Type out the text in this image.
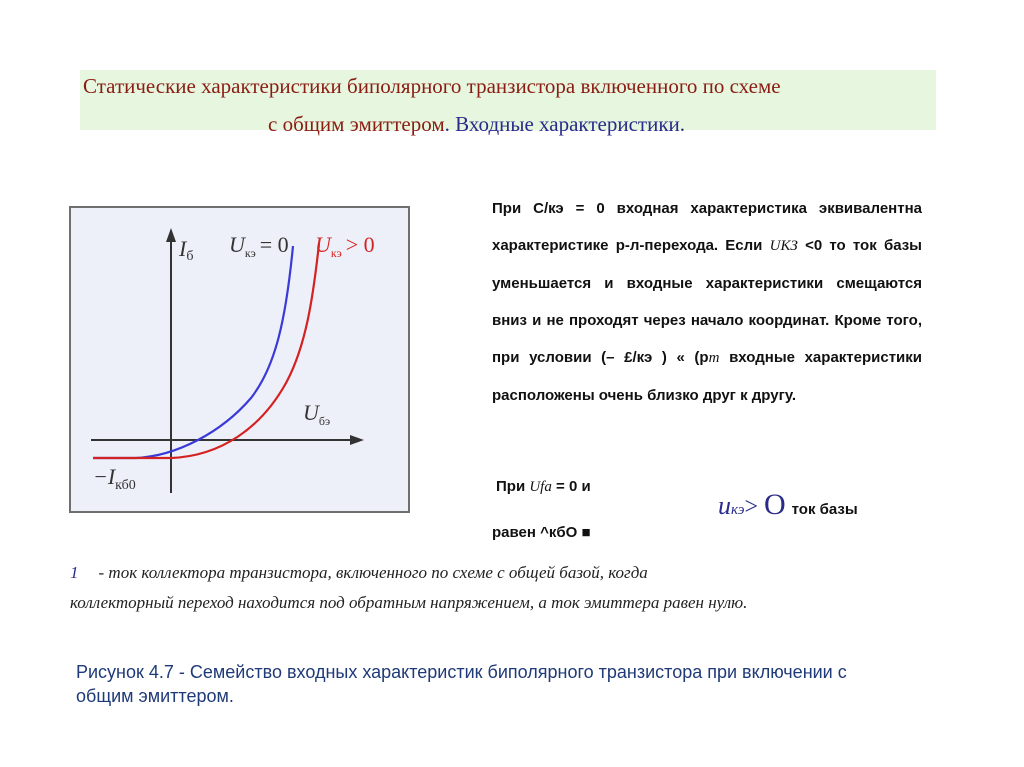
Статические характеристики биполярного транзистора включенного по схеме
с общим эмиттером. Входные характеристики.
Iб $U_{кэ} = 0$ $U_{кэ} > 0$
$U_{бэ}$
$-I_{кб0}$

При С/кэ = 0 входная характеристика эквивалентна характеристике р-л-перехода. Если UКЗ <0 то ток базы уменьшается и входные характеристики смещаются вниз и не проходят через начало координат. Кроме того, при условии (– £/кэ ) « (рm входные характеристики расположены очень близко друг к другу.

При Ufa = 0 и
икэ> О ток базы
равен ^кбО ■
1 - ток коллектора транзистора, включенного по схеме с общей базой, когда
коллекторный переход находится под обратным напряжением, а ток эмиттера равен нулю.
Рисунок 4.7 - Семейство входных характеристик биполярного транзистора при включении с общим эмиттером.
